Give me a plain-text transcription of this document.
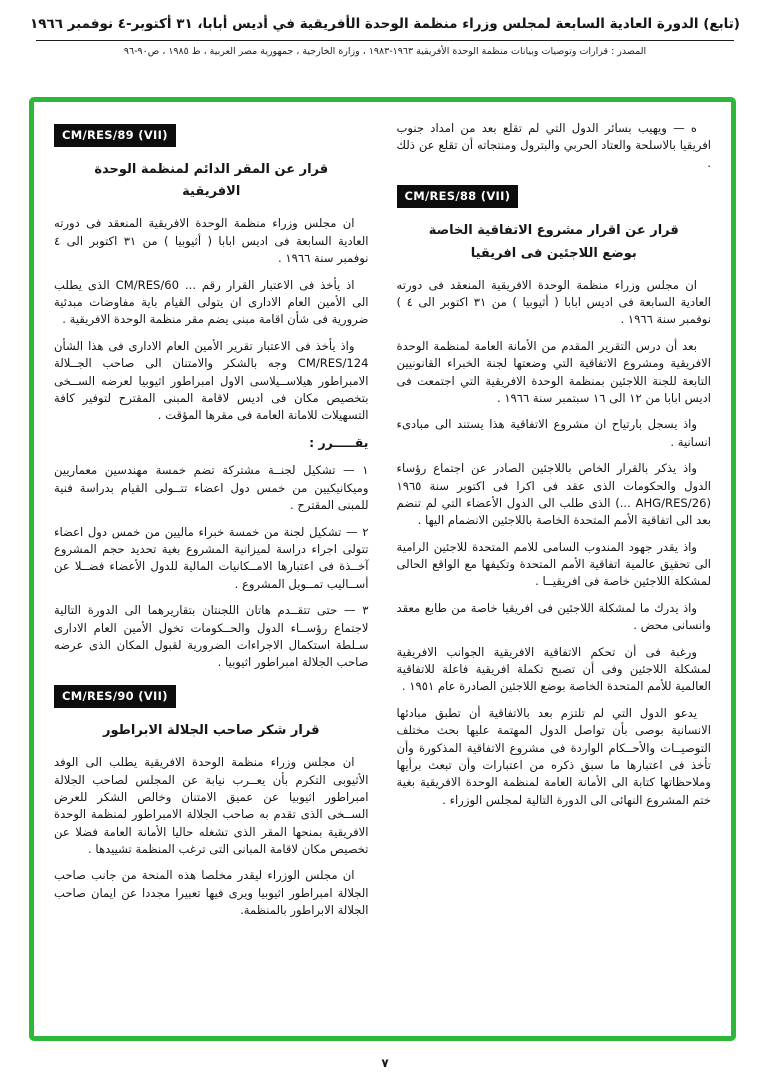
(تابع) الدورة العادية السابعة لمجلس وزراء منظمة الوحدة الأفريقية في أديس أبابا، ٣١ أكتوبر-٤ نوفمبر ١٩٦٦
المصدر : قرارات وتوصيات وبيانات منظمة الوحدة الأفريقية ١٩٦٣-١٩٨٣ ، وزارة الخارجية ، جمهورية مصر العربية ، ط ١٩٨٥ ، ص٩٠-٩٦

ه — ويهيب بسائر الدول التي لم تقلع بعد من امداد جنوب افريقيا بالاسلحة والعتاد الحربي والبترول ومنتجاته أن تقلع عن ذلك .

CM/RES/88 (VII)
قرار عن اقرار مشروع الاتفاقية الخاصة بوضع اللاجئين فى افريقيا

ان مجلس وزراء منظمة الوحدة الافريقية المنعقد فى دورته العادية السابعة فى اديس ابابا ( أثيوبيا ) من ٣١ اكتوبر الى ٤ ) نوفمبر سنة ١٩٦٦ .

بعد أن درس التقرير المقدم من الأمانة العامة لمنظمة الوحدة الافريقية ومشروع الاتفاقية التي وضعتها لجنة الخبراء القانونيين التابعة للجنة اللاجئين بمنظمة الوحدة الافريقية التي اجتمعت فى اديس ابابا من ١٢ الى ١٦ سبتمبر سنة ١٩٦٦ .

واذ يسجل بارتياح ان مشروع الاتفاقية هذا يستند الى مبادىء انسانية .

واذ يذكر بالقرار الخاص باللاجئين الصادر عن اجتماع رؤساء الدول والحكومات الذى عقد فى اكرا فى اكتوبر سنة ١٩٦٥ (AHG/RES/26 ...) الذى طلب الى الدول الأعضاء التي لم تنضم بعد الى اتفاقية الأمم المتحدة الخاصة باللاجئين الانضمام اليها .

واذ يقدر جهود المندوب السامى للامم المتحدة للاجئين الرامية الى تحقيق عالمية اتفاقية الأمم المتحدة وتكيفها مع الواقع الحالى لمشكلة اللاجئين خاصة فى افريقيــا .

واذ يدرك ما لمشكلة اللاجئين فى افريقيا خاصة من طابع معقد وانسانى محض .

ورغبة فى أن تحكم الاتفاقية الافريقية الجوانب الافريقية لمشكلة اللاجئين وفى أن تصبح تكملة افريقية فاعلة للاتفاقية العالمية للأمم المتحدة الخاصة بوضع اللاجئين الصادرة عام ١٩٥١ .

يدعو الدول التي لم تلتزم بعد بالاتفاقية أن تطبق مبادئها الانسانية بوصى بأن تواصل الدول المهتمة عليها بحث مختلف التوصيــات والأحــكام الواردة فى مشروع الاتفاقية المذكورة وأن تأخذ فى اعتبارها ما سبق ذكره من اعتبارات وأن تبعث برأيها وملاحظاتها كتابة الى الأمانة العامة لمنظمة الوحدة الافريقية بغية ختم المشروع النهائى الى الدورة التالية لمجلس الوزراء .

CM/RES/89 (VII)
قرار عن المقر الدائم لمنظمة الوحدة الافريقية

ان مجلس وزراء منظمة الوحدة الافريقية المنعقد فى دورته العادية السابعة فى اديس ابابا ( أثيوبيا ) من ٣١ اكتوبر الى ٤ نوفمبر سنة ١٩٦٦ .

اذ يأخذ فى الاعتبار القرار رقم ... CM/RES/60 الذى يطلب الى الأمين العام الادارى ان يتولى القيام باية مفاوضات مبدئية ضرورية فى شأن اقامة مبنى يضم مقر منظمة الوحدة الافريقية .

واذ يأخذ فى الاعتبار تقرير الأمين العام الادارى فى هذا الشأن CM/RES/124 وجه بالشكر والامتنان الى صاحب الجــلالة الامبراطور هيلاســيلاسى الاول امبراطور اثيوبيا لعرضه الســخى بتخصيص مكان فى اديس لاقامة المبنى المقترح لتوفير كافة التسهيلات للامانة العامة فى مقرها المؤقت .

يقـــــرر :

١ — تشكيل لجنــة مشتركة تضم خمسة مهندسين معماريين وميكانيكيين من خمس دول اعضاء تتــولى القيام بدراسة فنية للمبنى المقترح .

٢ — تشكيل لجنة من خمسة خبراء ماليين من خمس دول اعضاء تتولى اجراء دراسة لميزانية المشروع بغية تحديد حجم المشروع آخــذة فى اعتبارها الامــكانيات المالية للدول الأعضاء فضــلا عن أســاليب تمــويل المشروع .

٣ — حتى تتقــدم هاتان اللجنتان بتقاريرهما الى الدورة التالية لاجتماع رؤســاء الدول والحــكومات تخول الأمين العام الادارى سـلطة استكمال الاجراءات الضرورية لقبول المكان الذى عرضه صاحب الجلالة امبراطور اثيوبيا .

CM/RES/90 (VII)
قرار شكر صاحب الجلالة الابراطور

ان مجلس وزراء منظمة الوحدة الافريقية يطلب الى الوفد الأثيوبى التكرم بأن يعــرب نيابة عن المجلس لصاحب الجلالة امبراطور اثيوبيا عن عميق الامتنان وخالص الشكر للعرض الســخى الذى تقدم به صاحب الجلالة الامبراطور لمنظمة الوحدة الافريقية بمنحها المقر الذى تشغله حاليا الأمانة العامة فضلا عن تخصيص مكان لاقامة المبانى التى ترغب المنظمة تشييدها .

ان مجلس الوزراء ليقدر مخلصا هذه المنحة من جانب صاحب الجلالة امبراطور اثيوبيا ويرى فيها تعبيرا مجددا عن ايمان صاحب الجلالة الابراطور بالمنظمة.

٧
